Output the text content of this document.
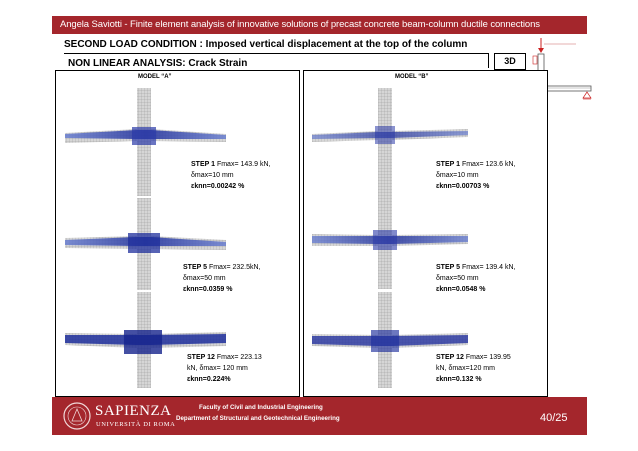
Angela Saviotti - Finite element analysis of innovative solutions of precast concrete beam-column ductile connections
SECOND LOAD CONDITION : Imposed vertical displacement at the top of the column
NON LINEAR ANALYSIS: Crack Strain	3D
MODEL “A”	MODEL “B”
STEP 1 Fmax= 143.9 kN,
δmax=10 mm
εknn=0.00242 %
STEP 5 Fmax= 232.5kN,
δmax=50 mm
εknn=0.0359 %
STEP 12 Fmax= 223.13
kN, δmax= 120 mm
εknn=0.224%
STEP 1 Fmax= 123.6 kN,
δmax=10 mm
εknn=0.00703 %
STEP 5 Fmax= 139.4 kN,
δmax=50 mm
εknn=0.0548 %
STEP 12 Fmax= 139.95
kN, δmax=120 mm
εknn=0.132 %
SAPIENZA
UNIVERSITÀ DI ROMA
Faculty of Civil and Industrial Engineering
Department of Structural and Geotechnical Engineering	40/25
